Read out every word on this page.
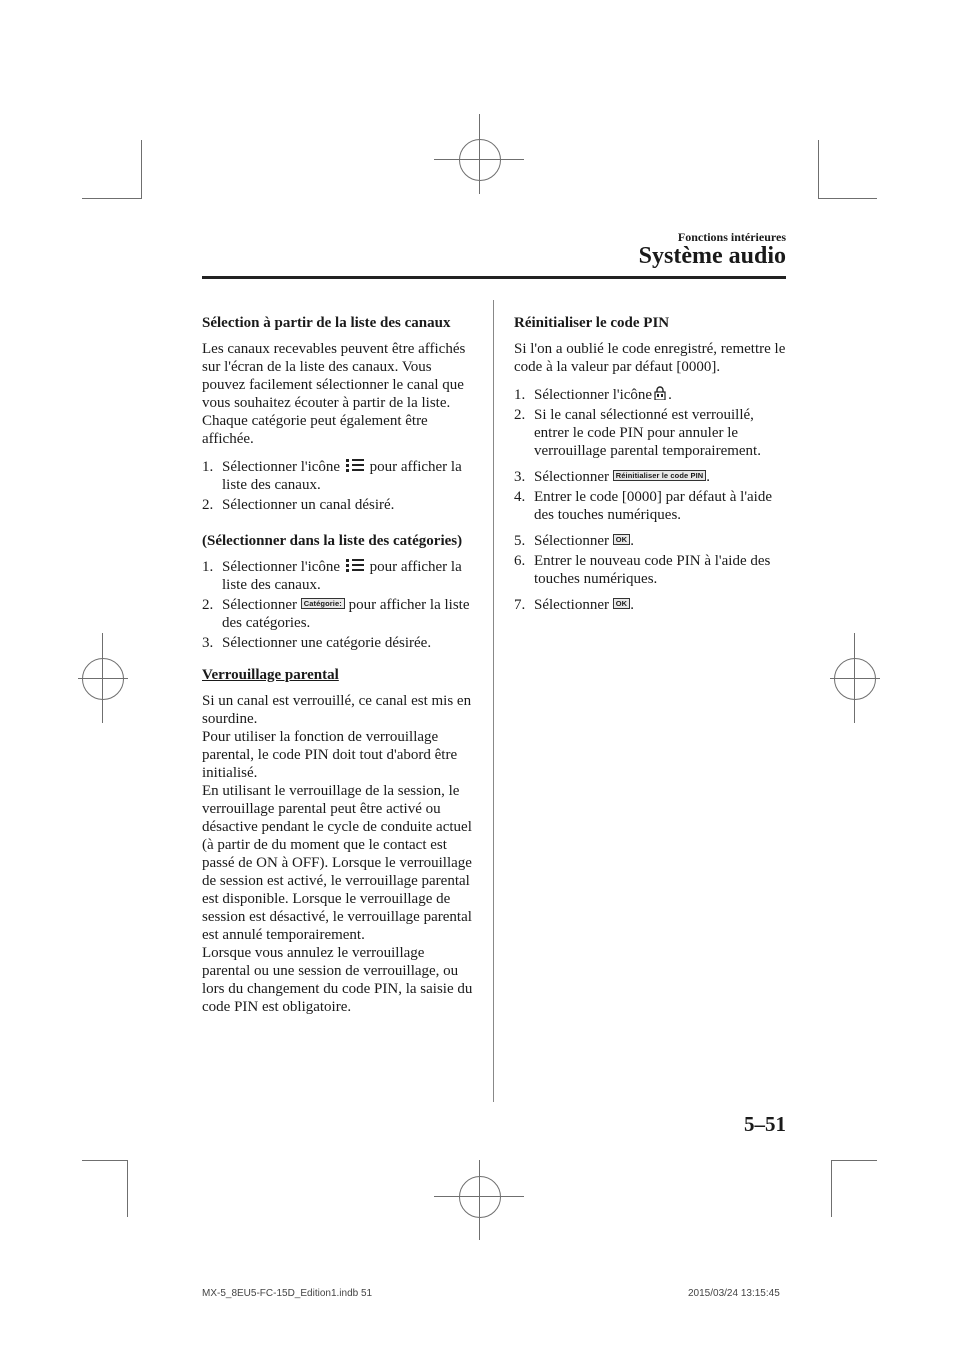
Fonctions intérieures
Système audio
Sélection à partir de la liste des canaux

Les canaux recevables peuvent être affichés sur l'écran de la liste des canaux. Vous pouvez facilement sélectionner le canal que vous souhaitez écouter à partir de la liste. Chaque catégorie peut également être affichée.

1. Sélectionner l'icône pour afficher la liste des canaux.
2. Sélectionner un canal désiré.
(Sélectionner dans la liste des catégories)
1. Sélectionner l'icône pour afficher la liste des canaux.
2. Sélectionner Catégorie: pour afficher la liste des catégories.
3. Sélectionner une catégorie désirée.
Verrouillage parental

Si un canal est verrouillé, ce canal est mis en sourdine.

Pour utiliser la fonction de verrouillage parental, le code PIN doit tout d'abord être initialisé.

En utilisant le verrouillage de la session, le verrouillage parental peut être activé ou désactive pendant le cycle de conduite actuel (à partir de du moment que le contact est passé de ON à OFF). Lorsque le verrouillage de session est activé, le verrouillage parental est disponible. Lorsque le verrouillage de session est désactivé, le verrouillage parental est annulé temporairement.

Lorsque vous annulez le verrouillage parental ou une session de verrouillage, ou lors du changement du code PIN, la saisie du code PIN est obligatoire.

Réinitialiser le code PIN

Si l'on a oublié le code enregistré, remettre le code à la valeur par défaut [0000].

1. Sélectionner l'icône .
2. Si le canal sélectionné est verrouillé, entrer le code PIN pour annuler le verrouillage parental temporairement.
3. Sélectionner Réinitialiser le code PIN .
4. Entrer le code [0000] par défaut à l'aide des touches numériques.
5. Sélectionner OK .
6. Entrer le nouveau code PIN à l'aide des touches numériques.
7. Sélectionner OK .
5–51
MX-5_8EU5-FC-15D_Edition1.indb 51	2015/03/24 13:15:45
